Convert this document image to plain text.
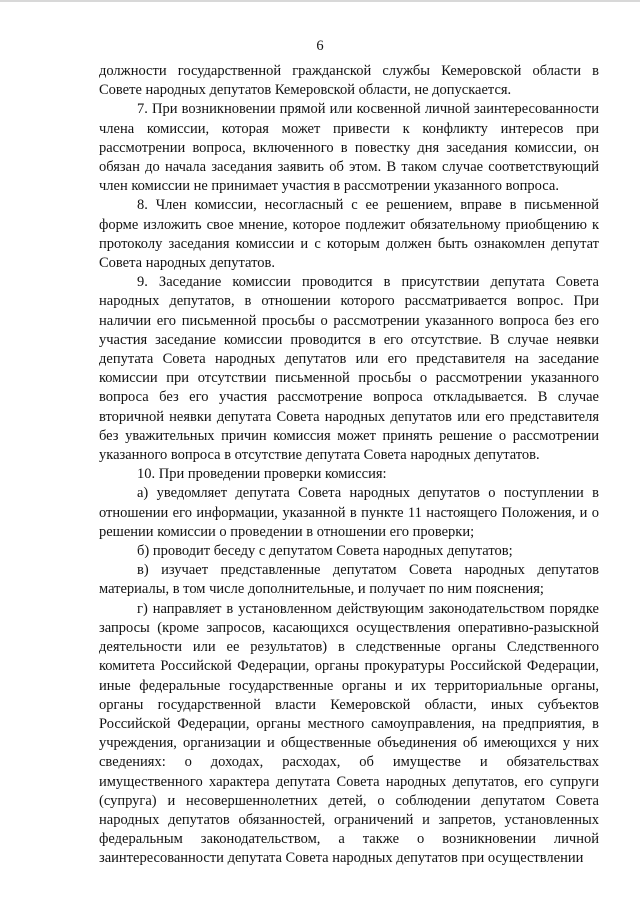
6

должности государственной гражданской службы Кемеровской области в Совете народных депутатов Кемеровской области, не допускается.

7. При возникновении прямой или косвенной личной заинтересованности члена комиссии, которая может привести к конфликту интересов при рассмотрении вопроса, включенного в повестку дня заседания комиссии, он обязан до начала заседания заявить об этом. В таком случае соответствующий член комиссии не принимает участия в рассмотрении указанного вопроса.

8. Член комиссии, несогласный с ее решением, вправе в письменной форме изложить свое мнение, которое подлежит обязательному приобщению к протоколу заседания комиссии и с которым должен быть ознакомлен депутат Совета народных депутатов.

9. Заседание комиссии проводится в присутствии депутата Совета народных депутатов, в отношении которого рассматривается вопрос. При наличии его письменной просьбы о рассмотрении указанного вопроса без его участия заседание комиссии проводится в его отсутствие. В случае неявки депутата Совета народных депутатов или его представителя на заседание комиссии при отсутствии письменной просьбы о рассмотрении указанного вопроса без его участия рассмотрение вопроса откладывается. В случае вторичной неявки депутата Совета народных депутатов или его представителя без уважительных причин комиссия может принять решение о рассмотрении указанного вопроса в отсутствие депутата Совета народных депутатов.

10. При проведении проверки комиссия:

а) уведомляет депутата Совета народных депутатов о поступлении в отношении его информации, указанной в пункте 11 настоящего Положения, и о решении комиссии о проведении в отношении его проверки;

б) проводит беседу с депутатом Совета народных депутатов;

в) изучает представленные депутатом Совета народных депутатов материалы, в том числе дополнительные, и получает по ним пояснения;

г) направляет в установленном действующим законодательством порядке запросы (кроме запросов, касающихся осуществления оперативно-разыскной деятельности или ее результатов) в следственные органы Следственного комитета Российской Федерации, органы прокуратуры Российской Федерации, иные федеральные государственные органы и их территориальные органы, органы государственной власти Кемеровской области, иных субъектов Российской Федерации, органы местного самоуправления, на предприятия, в учреждения, организации и общественные объединения об имеющихся у них сведениях: о доходах, расходах, об имуществе и обязательствах имущественного характера депутата Совета народных депутатов, его супруги (супруга) и несовершеннолетних детей, о соблюдении депутатом Совета народных депутатов обязанностей, ограничений и запретов, установленных федеральным законодательством, а также о возникновении личной заинтересованности депутата Совета народных депутатов при осуществлении
